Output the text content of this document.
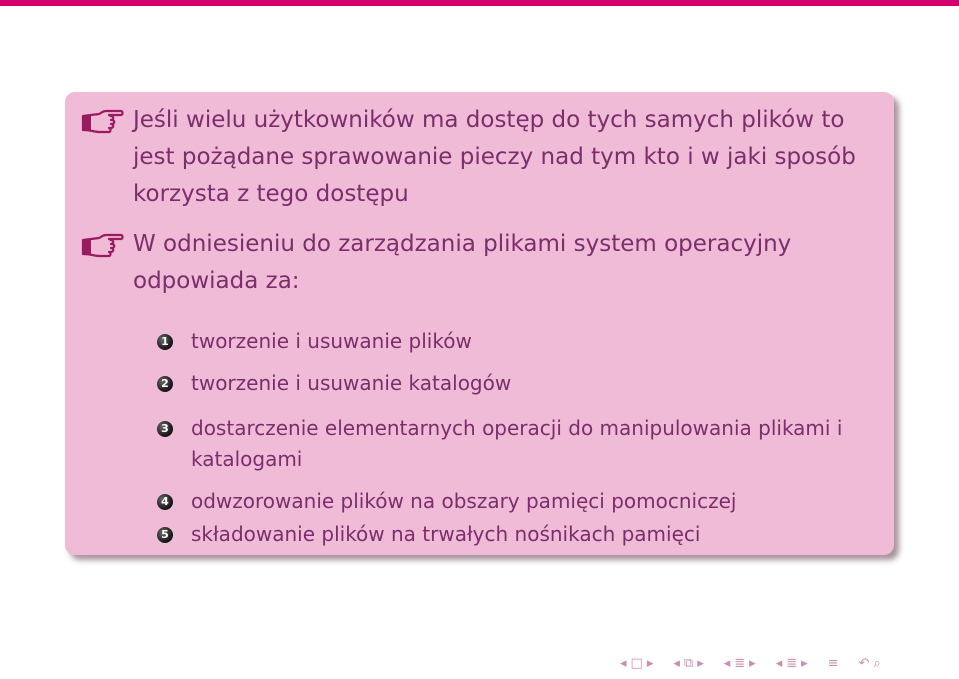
Jeśli wielu użytkowników ma dostęp do tych samych plików to jest pożądane sprawowanie pieczy nad tym kto i w jaki sposób korzysta z tego dostępu
W odniesieniu do zarządzania plikami system operacyjny odpowiada za:
1 tworzenie i usuwanie plików
2 tworzenie i usuwanie katalogów
3 dostarczenie elementarnych operacji do manipulowania plikami i katalogami
4 odwzorowanie plików na obszary pamięci pomocniczej
5 składowanie plików na trwałych nośnikach pamięci
◂ □ ▸ ◂ ⧉ ▸ ◂ ≣ ▸ ◂ ≣ ▸ ≡ ↶ ⌕
